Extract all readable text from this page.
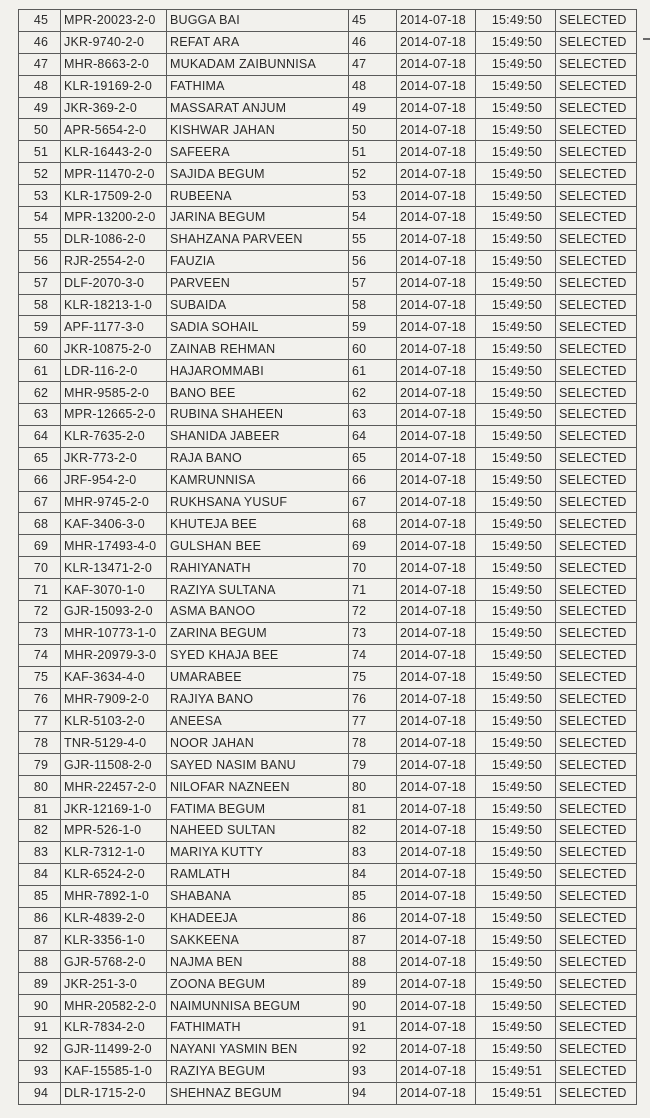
45	MPR-20023-2-0	BUGGA BAI	45	2014-07-18	15:49:50	SELECTED
46	JKR-9740-2-0	REFAT ARA	46	2014-07-18	15:49:50	SELECTED
47	MHR-8663-2-0	MUKADAM ZAIBUNNISA	47	2014-07-18	15:49:50	SELECTED
48	KLR-19169-2-0	FATHIMA	48	2014-07-18	15:49:50	SELECTED
49	JKR-369-2-0	MASSARAT ANJUM	49	2014-07-18	15:49:50	SELECTED
50	APR-5654-2-0	KISHWAR JAHAN	50	2014-07-18	15:49:50	SELECTED
51	KLR-16443-2-0	SAFEERA	51	2014-07-18	15:49:50	SELECTED
52	MPR-11470-2-0	SAJIDA BEGUM	52	2014-07-18	15:49:50	SELECTED
53	KLR-17509-2-0	RUBEENA	53	2014-07-18	15:49:50	SELECTED
54	MPR-13200-2-0	JARINA BEGUM	54	2014-07-18	15:49:50	SELECTED
55	DLR-1086-2-0	SHAHZANA PARVEEN	55	2014-07-18	15:49:50	SELECTED
56	RJR-2554-2-0	FAUZIA	56	2014-07-18	15:49:50	SELECTED
57	DLF-2070-3-0	PARVEEN	57	2014-07-18	15:49:50	SELECTED
58	KLR-18213-1-0	SUBAIDA	58	2014-07-18	15:49:50	SELECTED
59	APF-1177-3-0	SADIA SOHAIL	59	2014-07-18	15:49:50	SELECTED
60	JKR-10875-2-0	ZAINAB REHMAN	60	2014-07-18	15:49:50	SELECTED
61	LDR-116-2-0	HAJAROMMABI	61	2014-07-18	15:49:50	SELECTED
62	MHR-9585-2-0	BANO BEE	62	2014-07-18	15:49:50	SELECTED
63	MPR-12665-2-0	RUBINA SHAHEEN	63	2014-07-18	15:49:50	SELECTED
64	KLR-7635-2-0	SHANIDA JABEER	64	2014-07-18	15:49:50	SELECTED
65	JKR-773-2-0	RAJA BANO	65	2014-07-18	15:49:50	SELECTED
66	JRF-954-2-0	KAMRUNNISA	66	2014-07-18	15:49:50	SELECTED
67	MHR-9745-2-0	RUKHSANA YUSUF	67	2014-07-18	15:49:50	SELECTED
68	KAF-3406-3-0	KHUTEJA BEE	68	2014-07-18	15:49:50	SELECTED
69	MHR-17493-4-0	GULSHAN BEE	69	2014-07-18	15:49:50	SELECTED
70	KLR-13471-2-0	RAHIYANATH	70	2014-07-18	15:49:50	SELECTED
71	KAF-3070-1-0	RAZIYA SULTANA	71	2014-07-18	15:49:50	SELECTED
72	GJR-15093-2-0	ASMA BANOO	72	2014-07-18	15:49:50	SELECTED
73	MHR-10773-1-0	ZARINA BEGUM	73	2014-07-18	15:49:50	SELECTED
74	MHR-20979-3-0	SYED KHAJA BEE	74	2014-07-18	15:49:50	SELECTED
75	KAF-3634-4-0	UMARABEE	75	2014-07-18	15:49:50	SELECTED
76	MHR-7909-2-0	RAJIYA BANO	76	2014-07-18	15:49:50	SELECTED
77	KLR-5103-2-0	ANEESA	77	2014-07-18	15:49:50	SELECTED
78	TNR-5129-4-0	NOOR JAHAN	78	2014-07-18	15:49:50	SELECTED
79	GJR-11508-2-0	SAYED NASIM BANU	79	2014-07-18	15:49:50	SELECTED
80	MHR-22457-2-0	NILOFAR NAZNEEN	80	2014-07-18	15:49:50	SELECTED
81	JKR-12169-1-0	FATIMA BEGUM	81	2014-07-18	15:49:50	SELECTED
82	MPR-526-1-0	NAHEED SULTAN	82	2014-07-18	15:49:50	SELECTED
83	KLR-7312-1-0	MARIYA KUTTY	83	2014-07-18	15:49:50	SELECTED
84	KLR-6524-2-0	RAMLATH	84	2014-07-18	15:49:50	SELECTED
85	MHR-7892-1-0	SHABANA	85	2014-07-18	15:49:50	SELECTED
86	KLR-4839-2-0	KHADEEJA	86	2014-07-18	15:49:50	SELECTED
87	KLR-3356-1-0	SAKKEENA	87	2014-07-18	15:49:50	SELECTED
88	GJR-5768-2-0	NAJMA BEN	88	2014-07-18	15:49:50	SELECTED
89	JKR-251-3-0	ZOONA BEGUM	89	2014-07-18	15:49:50	SELECTED
90	MHR-20582-2-0	NAIMUNNISA BEGUM	90	2014-07-18	15:49:50	SELECTED
91	KLR-7834-2-0	FATHIMATH	91	2014-07-18	15:49:50	SELECTED
92	GJR-11499-2-0	NAYANI YASMIN BEN	92	2014-07-18	15:49:50	SELECTED
93	KAF-15585-1-0	RAZIYA BEGUM	93	2014-07-18	15:49:51	SELECTED
94	DLR-1715-2-0	SHEHNAZ BEGUM	94	2014-07-18	15:49:51	SELECTED
